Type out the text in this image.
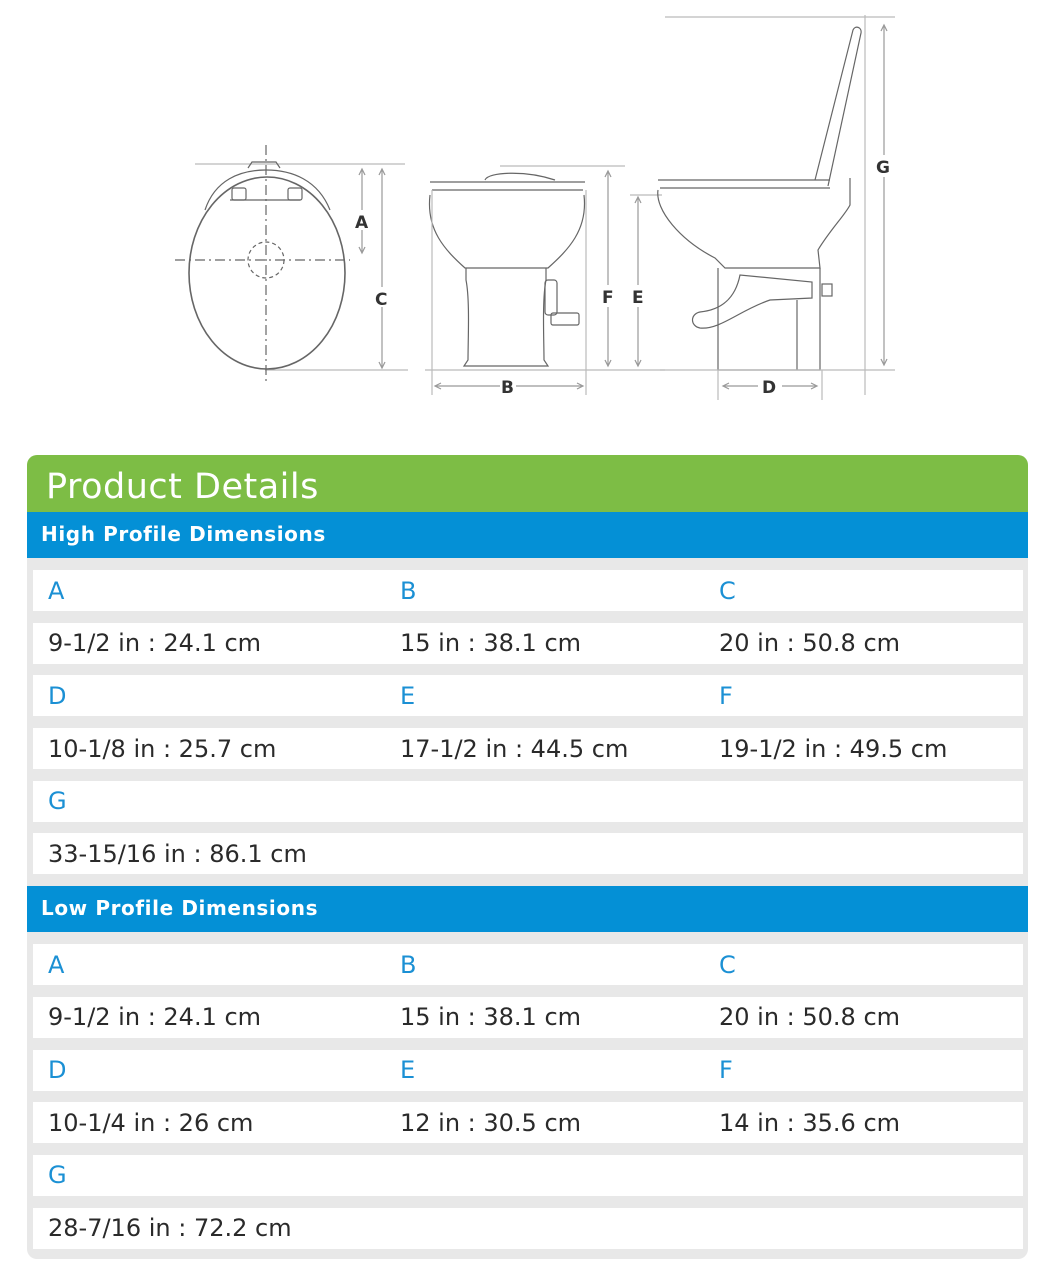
A
C
B
F E
D
G
Product Details
High Profile Dimensions
A	B	C
9-1/2 in : 24.1 cm	15 in : 38.1 cm	20 in : 50.8 cm
D	E	F
10-1/8 in : 25.7 cm	17-1/2 in : 44.5 cm	19-1/2 in : 49.5 cm
G
33-15/16 in : 86.1 cm
Low Profile Dimensions
A	B	C
9-1/2 in : 24.1 cm	15 in : 38.1 cm	20 in : 50.8 cm
D	E	F
10-1/4 in : 26 cm	12 in : 30.5 cm	14 in : 35.6 cm
G
28-7/16 in : 72.2 cm
